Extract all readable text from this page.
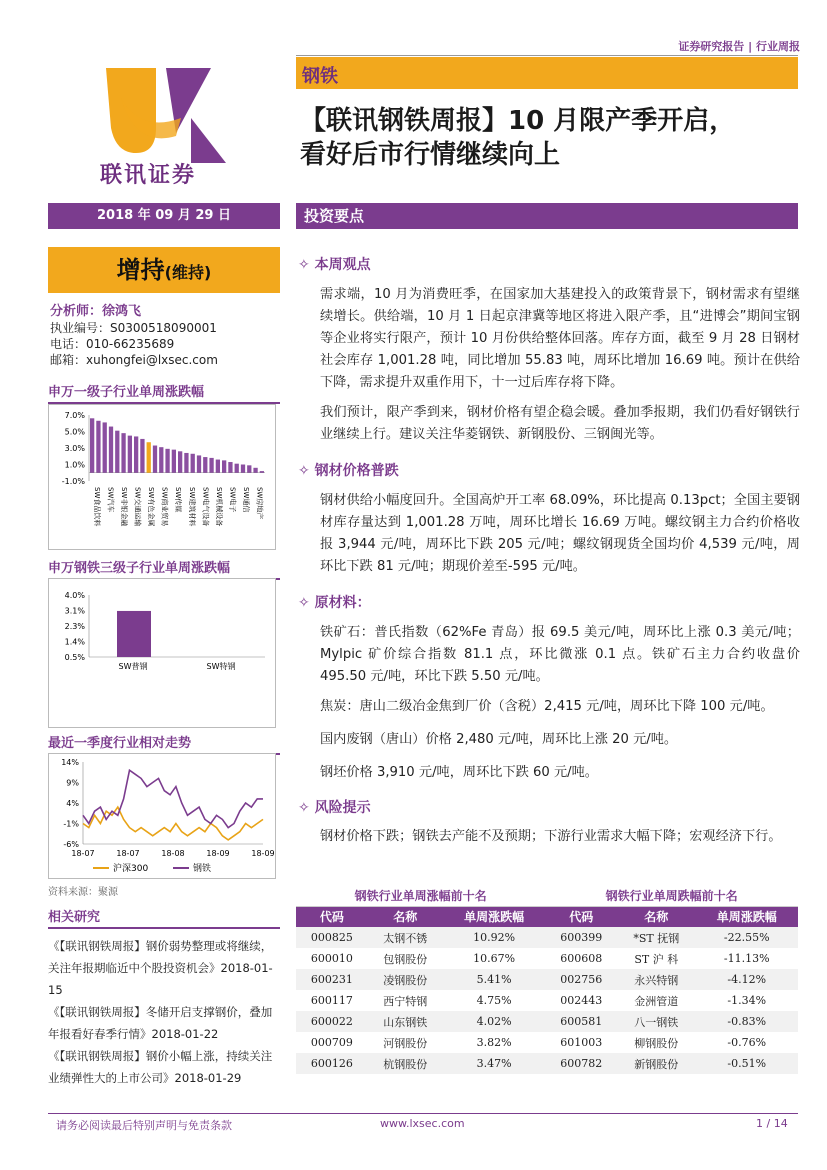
联讯证券
证券研究报告 | 行业周报
钢铁
【联讯钢铁周报】10 月限产季开启，
看好后市行情继续向上
2018 年 09 月 29 日	投资要点
增持(维持)
分析师：徐鸿飞
执业编号：S0300518090001
电话：010-66235689
邮箱：xuhongfei@lxsec.com
申万一级子行业单周涨跌幅
7.0%
5.0%
3.0%
1.0%
-1.0%
SW食品饮料 SW汽车 SW非银金融 SW交通运输 SW有色金属 SW商业贸易 SW传媒 SW建筑材料 SW电气设备 SW机械设备 SW电子 SW通信 SW房地产
申万钢铁三级子行业单周涨跌幅
4.0%
3.1%
2.3%
1.4%
0.5%
SW普钢	SW特钢
最近一季度行业相对走势
14%
9%
4%
-1%
-6%
18-07	18-07	18-08	18-09	18-09
沪深300	钢铁
资料来源：聚源
相关研究

《【联讯钢铁周报】钢价弱势整理或将继续，关注年报期临近中个股投资机会》2018-01-15

《【联讯钢铁周报】冬储开启支撑钢价，叠加年报看好春季行情》2018-01-22

《【联讯钢铁周报】钢价小幅上涨，持续关注业绩弹性大的上市公司》2018-01-29

✧ 本周观点
需求端，10 月为消费旺季，在国家加大基建投入的政策背景下，钢材需求有望继续增长。供给端，10 月 1 日起京津冀等地区将进入限产季，且“进博会”期间宝钢等企业将实行限产，预计 10 月份供给整体回落。库存方面，截至 9 月 28 日钢材社会库存 1,001.28 吨，同比增加 55.83 吨，周环比增加 16.69 吨。预计在供给下降，需求提升双重作用下，十一过后库存将下降。
我们预计，限产季到来，钢材价格有望企稳会暖。叠加季报期，我们仍看好钢铁行业继续上行。建议关注华菱钢铁、新钢股份、三钢闽光等。
✧ 钢材价格普跌
钢材供给小幅度回升。全国高炉开工率 68.09%，环比提高 0.13pct；全国主要钢材库存量达到 1,001.28 万吨，周环比增长 16.69 万吨。螺纹钢主力合约价格收报 3,944 元/吨，周环比下跌 205 元/吨；螺纹钢现货全国均价 4,539 元/吨，周环比下跌 81 元/吨；期现价差至-595 元/吨。
✧ 原材料：
铁矿石：普氏指数（62%Fe 青岛）报 69.5 美元/吨，周环比上涨 0.3 美元/吨；Mylpic 矿价综合指数 81.1 点，环比微涨 0.1 点。铁矿石主力合约收盘价 495.50 元/吨，环比下跌 5.50 元/吨。
焦炭：唐山二级冶金焦到厂价（含税）2,415 元/吨，周环比下降 100 元/吨。
国内废钢（唐山）价格 2,480 元/吨，周环比上涨 20 元/吨。
钢坯价格 3,910 元/吨，周环比下跌 60 元/吨。
✧ 风险提示
钢材价格下跌；钢铁去产能不及预期；下游行业需求大幅下降；宏观经济下行。
钢铁行业单周涨幅前十名			钢铁行业单周跌幅前十名		
代码	名称	单周涨跌幅	代码	名称	单周涨跌幅
000825	太钢不锈	10.92%	600399	*ST 抚钢	-22.55%
600010	包钢股份	10.67%	600608	ST 沪 科	-11.13%
600231	凌钢股份	5.41%	002756	永兴特钢	-4.12%
600117	西宁特钢	4.75%	002443	金洲管道	-1.34%
600022	山东钢铁	4.02%	600581	八一钢铁	-0.83%
000709	河钢股份	3.82%	601003	柳钢股份	-0.76%
600126	杭钢股份	3.47%	600782	新钢股份	-0.51%
请务必阅读最后特别声明与免责条款	www.lxsec.com	1 / 14
